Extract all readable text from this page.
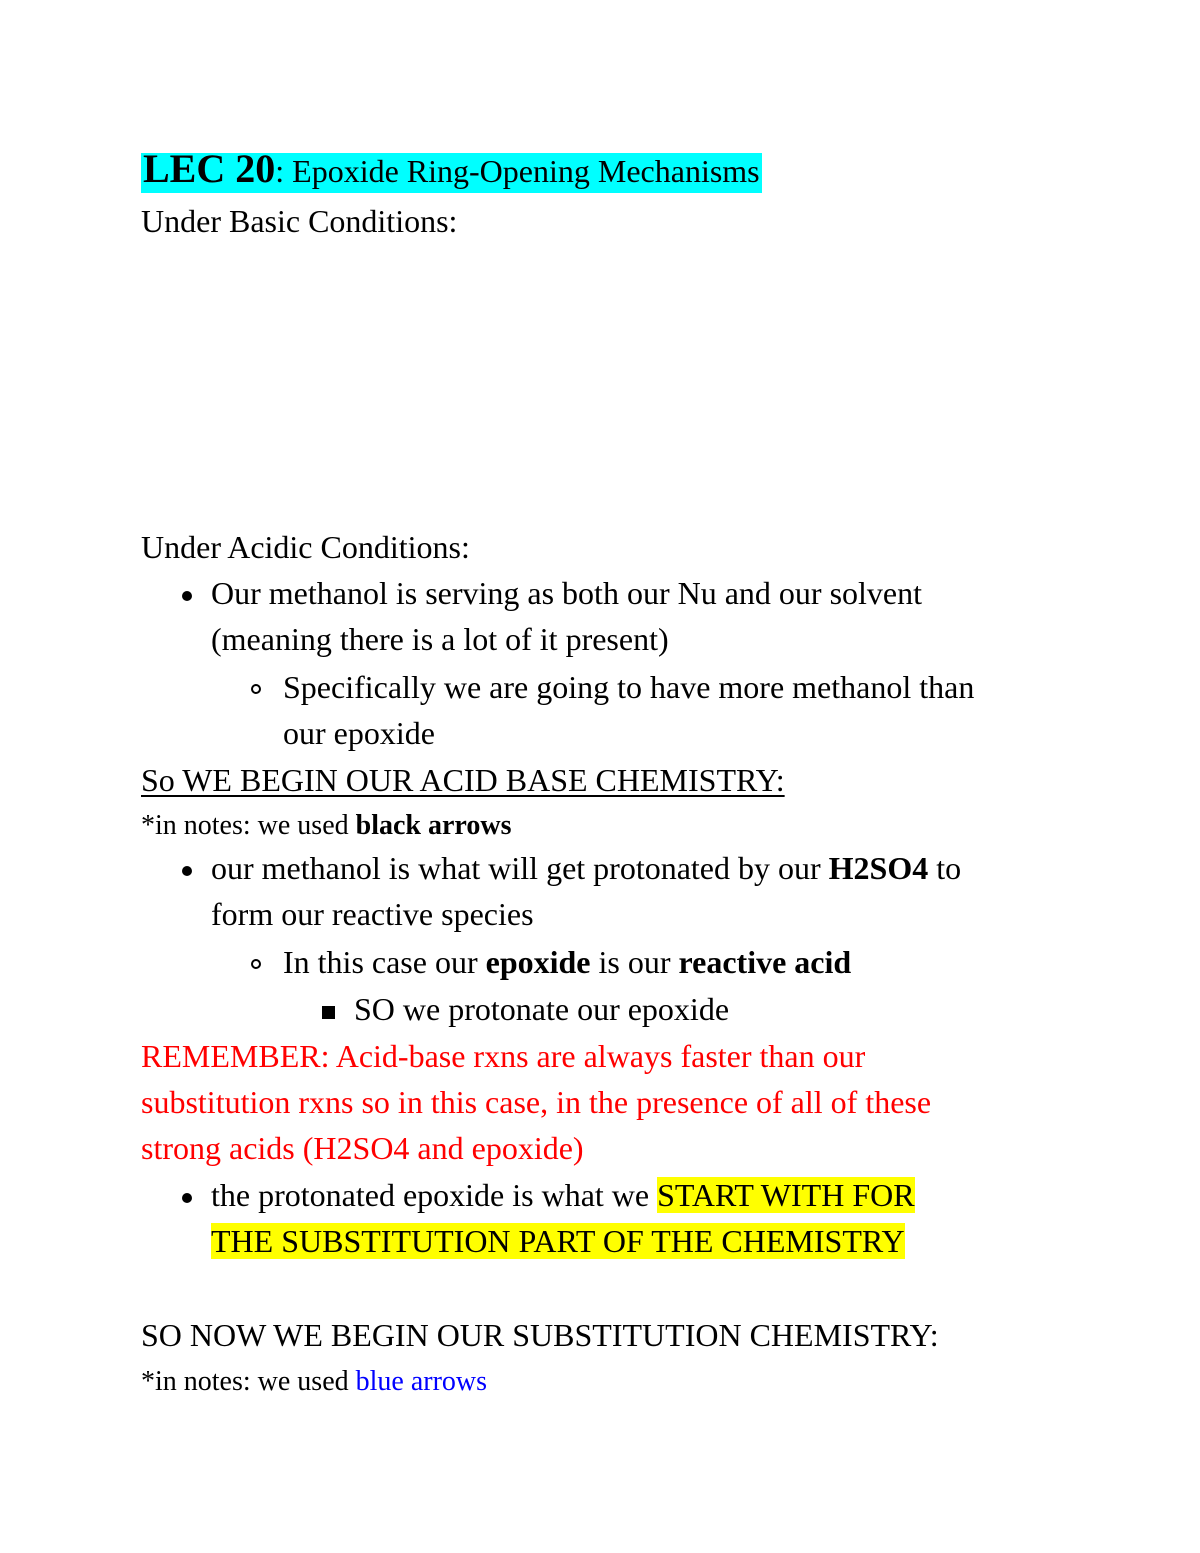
LEC 20: Epoxide Ring-Opening Mechanisms
Under Basic Conditions:
Under Acidic Conditions:
Our methanol is serving as both our Nu and our solvent
(meaning there is a lot of it present)
Specifically we are going to have more methanol than
our epoxide
So WE BEGIN OUR ACID BASE CHEMISTRY:
*in notes: we used black arrows
our methanol is what will get protonated by our H2SO4 to
form our reactive species
In this case our epoxide is our reactive acid
SO we protonate our epoxide
REMEMBER: Acid-base rxns are always faster than our
substitution rxns so in this case, in the presence of all of these
strong acids (H2SO4 and epoxide)
the protonated epoxide is what we START WITH FOR
THE SUBSTITUTION PART OF THE CHEMISTRY
SO NOW WE BEGIN OUR SUBSTITUTION CHEMISTRY:
*in notes: we used blue arrows
